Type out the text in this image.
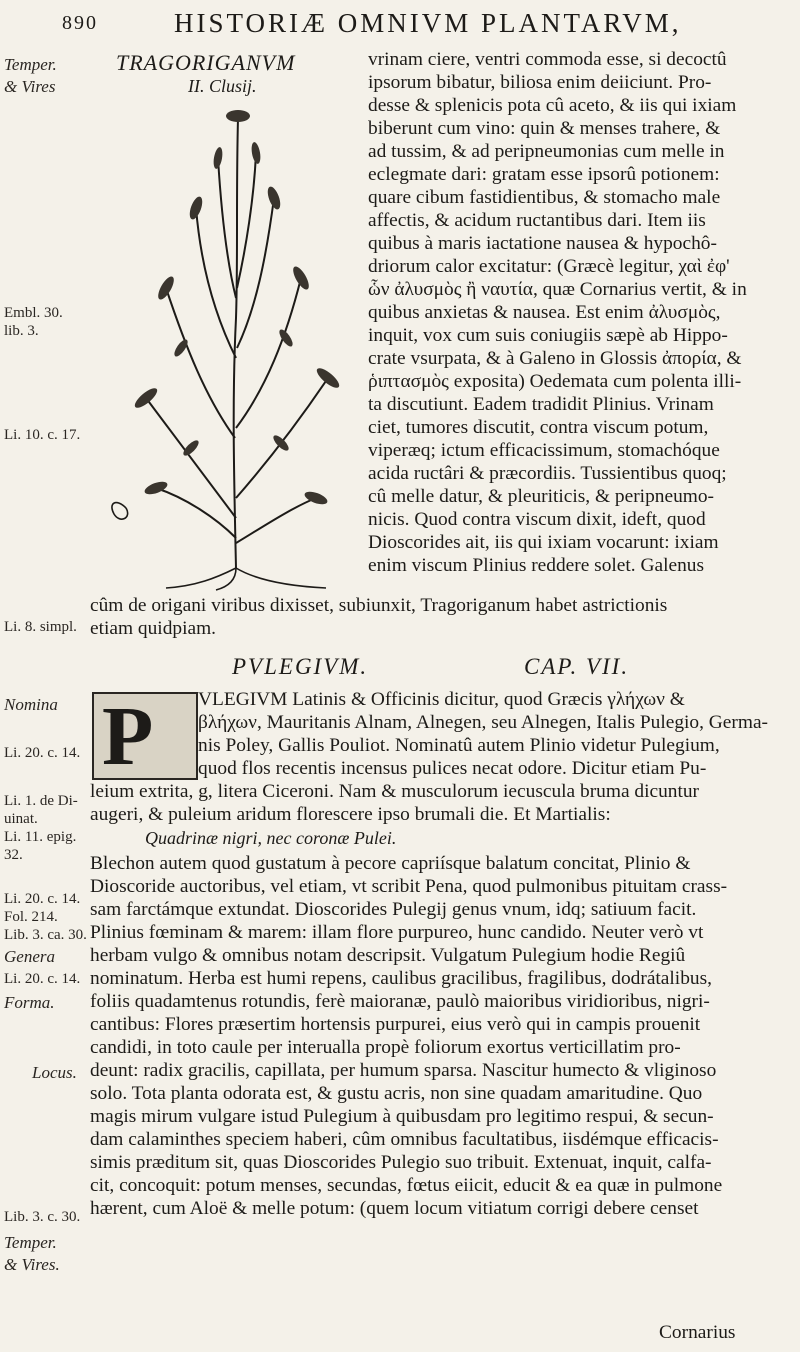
890	HISTORIÆ OMNIVM PLANTARVM,
Temper.
& Vires
Embl. 30.
lib. 3.
Li. 10. c. 17.
Li. 8. simpl.
Nomina
Li. 20. c. 14.
Li. 1. de Di-
uinat.
Li. 11. epig.
32.
Li. 20. c. 14.
Fol. 214.
Lib. 3. ca. 30.
Genera
Li. 20. c. 14.
Forma.
Locus.
Lib. 3. c. 30.
Temper.
& Vires.
TRAGORIGANVM
II. Clusij.
vrinam ciere, ventri commoda esse, si decoctû
ipsorum bibatur, biliosa enim deiiciunt. Pro-
desse & splenicis pota cû aceto, & iis qui ixiam
biberunt cum vino: quin & menses trahere, &
ad tussim, & ad peripneumonias cum melle in
eclegmate dari: gratam esse ipsorû potionem:
quare cibum fastidientibus, & stomacho male
affectis, & acidum ructantibus dari. Item iis
quibus à maris iactatione nausea & hypochô-
driorum calor excitatur: (Græcè legitur, χαὶ ἐφ'
ὧν ἀλυσμὸς ἢ ναυτία, quæ Cornarius vertit, & in
quibus anxietas & nausea. Est enim ἀλυσμὸς,
inquit, vox cum suis coniugiis sæpè ab Hippo-
crate vsurpata, & à Galeno in Glossis ἀπορία, &
ῥιπτασμὸς exposita) Oedemata cum polenta illi-
ta discutiunt. Eadem tradidit Plinius. Vrinam
ciet, tumores discutit, contra viscum potum,
viperæq; ictum efficacissimum, stomachóque
acida ructâri & præcordiis. Tussientibus quoq;
cû melle datur, & pleuriticis, & peripneumo-
nicis. Quod contra viscum dixit, ideft, quod
Dioscorides ait, iis qui ixiam vocarunt: ixiam
enim viscum Plinius reddere solet. Galenus
cûm de origani viribus dixisset, subiunxit, Tragoriganum habet astrictionis
etiam quidpiam.
PVLEGIVM.	CAP. VII.
P VLEGIVM Latinis & Officinis dicitur, quod Græcis γλήχων &
βλήχων, Mauritanis Alnam, Alnegen, seu Alnegen, Italis Pulegio, Germa-
nis Poley, Gallis Pouliot. Nominatû autem Plinio videtur Pulegium,
quod flos recentis incensus pulices necat odore. Dicitur etiam Pu-
leium extrita, g, litera Ciceroni. Nam & musculorum iecuscula bruma dicuntur
augeri, & puleium aridum florescere ipso brumali die. Et Martialis:
Quadrinæ nigri, nec coronæ Pulei.
Blechon autem quod gustatum à pecore capriísque balatum concitat, Plinio &
Dioscoride auctoribus, vel etiam, vt scribit Pena, quod pulmonibus pituitam crass-
sam farctámque extundat. Dioscorides Pulegij genus vnum, idq; satiuum facit.
Plinius fœminam & marem: illam flore purpureo, hunc candido. Neuter verò vt
herbam vulgo & omnibus notam descripsit. Vulgatum Pulegium hodie Regiû
nominatum. Herba est humi repens, caulibus gracilibus, fragilibus, dodrátalibus,
foliis quadamtenus rotundis, ferè maioranæ, paulò maioribus viridioribus, nigri-
cantibus: Flores præsertim hortensis purpurei, eius verò qui in campis prouenit
candidi, in toto caule per interualla propè foliorum exortus verticillatim pro-
deunt: radix gracilis, capillata, per humum sparsa. Nascitur humecto & vliginoso
solo. Tota planta odorata est, & gustu acris, non sine quadam amaritudine. Quo
magis mirum vulgare istud Pulegium à quibusdam pro legitimo respui, & secun-
dam calaminthes speciem haberi, cûm omnibus facultatibus, iisdémque efficacis-
simis præditum sit, quas Dioscorides Pulegio suo tribuit. Extenuat, inquit, calfa-
cit, concoquit: potum menses, secundas, fœtus eiicit, educit & ea quæ in pulmone
hærent, cum Aloë & melle potum: (quem locum vitiatum corrigi debere censet
Cornarius
